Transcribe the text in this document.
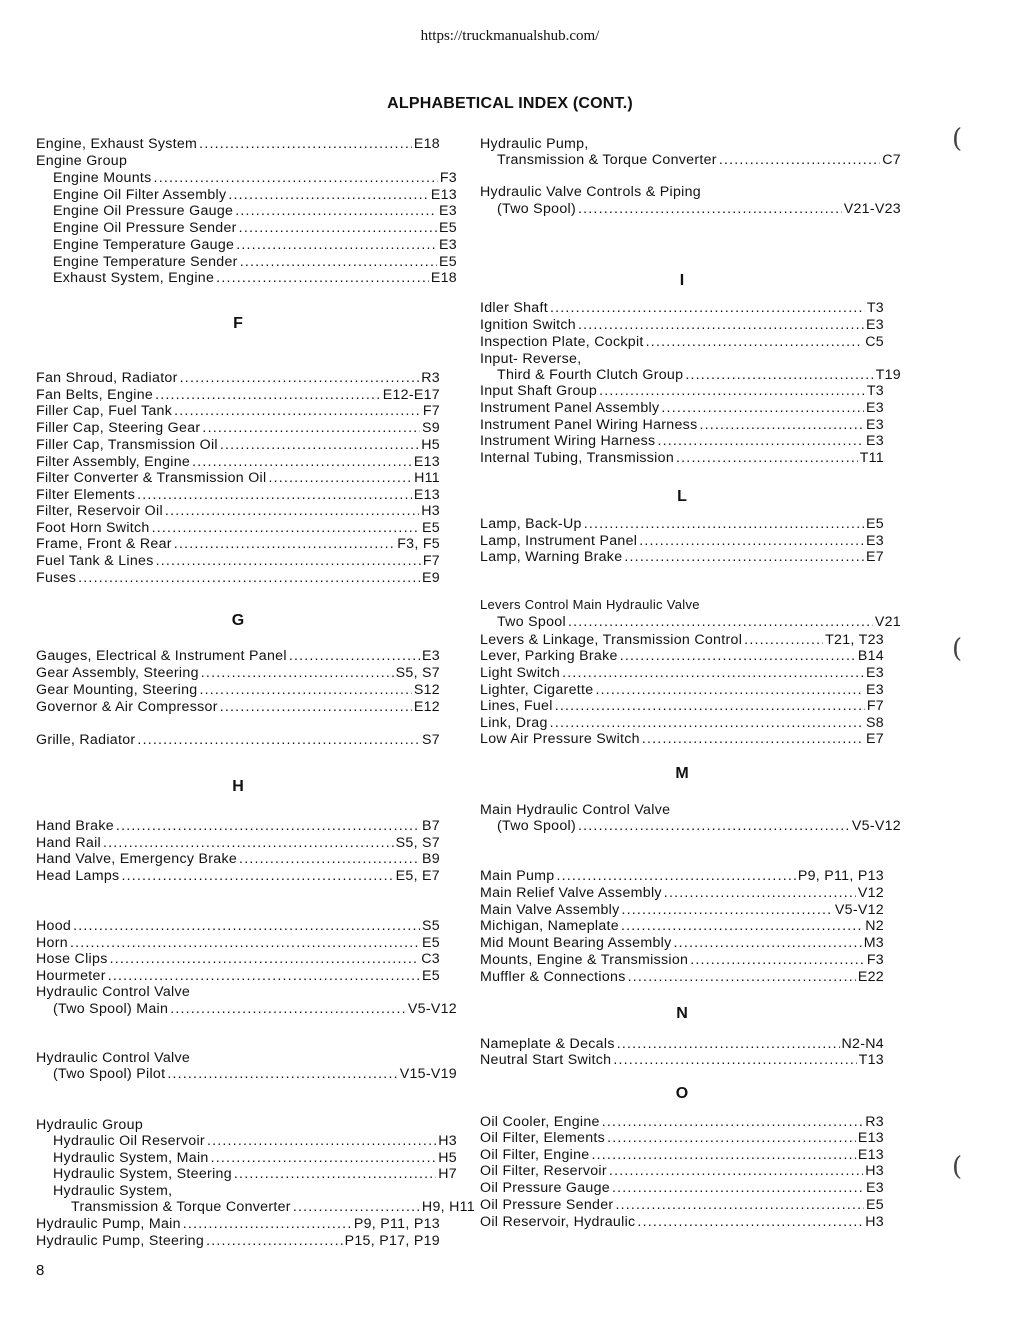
https://truckmanualshub.com/
ALPHABETICAL INDEX (CONT.)
Engine, Exhaust System .....	E18
Engine Group
Engine Mounts .....	F3
Engine Oil Filter Assembly .....	E13
Engine Oil Pressure Gauge .....	E3
Engine Oil Pressure Sender .....	E5
Engine Temperature Gauge .....	E3
Engine Temperature Sender .....	E5
Exhaust System, Engine .....	E18
F
Fan Shroud, Radiator .....	R3
Fan Belts, Engine .....	E12-E17
Filler Cap, Fuel Tank .....	F7
Filler Cap, Steering Gear .....	S9
Filler Cap, Transmission Oil .....	H5
Filter Assembly, Engine .....	E13
Filter Converter & Transmission Oil .....	H11
Filter Elements .....	E13
Filter, Reservoir Oil .....	H3
Foot Horn Switch .....	E5
Frame, Front & Rear .....	F3, F5
Fuel Tank & Lines .....	F7
Fuses .....	E9
G
Gauges, Electrical & Instrument Panel .....	E3
Gear Assembly, Steering .....	S5, S7
Gear Mounting, Steering .....	S12
Governor & Air Compressor .....	E12
Grille, Radiator .....	S7
H
Hand Brake .....	B7
Hand Rail .....	S5, S7
Hand Valve, Emergency Brake .....	B9
Head Lamps .....	E5, E7
Hood .....	S5
Horn .....	E5
Hose Clips .....	C3
Hourmeter .....	E5
Hydraulic Control Valve
(Two Spool) Main .....	V5-V12
Hydraulic Control Valve
(Two Spool) Pilot .....	V15-V19
Hydraulic Group
Hydraulic Oil Reservoir .....	H3
Hydraulic System, Main .....	H5
Hydraulic System, Steering .....	H7
Hydraulic System,
Transmission & Torque Converter .....	H9, H11
Hydraulic Pump, Main .....	P9, P11, P13
Hydraulic Pump, Steering .....	P15, P17, P19
Hydraulic Pump,
Transmission & Torque Converter .....	C7
Hydraulic Valve Controls & Piping
(Two Spool) .....	V21-V23
I
Idler Shaft .....	T3
Ignition Switch .....	E3
Inspection Plate, Cockpit .....	C5
Input- Reverse,
Third & Fourth Clutch Group .....	T19
Input Shaft Group .....	T3
Instrument Panel Assembly .....	E3
Instrument Panel Wiring Harness .....	E3
Instrument Wiring Harness .....	E3
Internal Tubing, Transmission .....	T11
L
Lamp, Back-Up .....	E5
Lamp, Instrument Panel .....	E3
Lamp, Warning Brake .....	E7
Levers Control Main Hydraulic Valve
Two Spool .....	V21
Levers & Linkage, Transmission Control .....	T21, T23
Lever, Parking Brake .....	B14
Light Switch .....	E3
Lighter, Cigarette .....	E3
Lines, Fuel .....	F7
Link, Drag .....	S8
Low Air Pressure Switch .....	E7
M
Main Hydraulic Control Valve
(Two Spool) .....	V5-V12
Main Pump .....	P9, P11, P13
Main Relief Valve Assembly .....	V12
Main Valve Assembly .....	V5-V12
Michigan, Nameplate .....	N2
Mid Mount Bearing Assembly .....	M3
Mounts, Engine & Transmission .....	F3
Muffler & Connections .....	E22
N
Nameplate & Decals .....	N2-N4
Neutral Start Switch .....	T13
O
Oil Cooler, Engine .....	R3
Oil Filter, Elements .....	E13
Oil Filter, Engine .....	E13
Oil Filter, Reservoir .....	H3
Oil Pressure Gauge .....	E3
Oil Pressure Sender .....	E5
Oil Reservoir, Hydraulic .....	H3
8
(
(
(
